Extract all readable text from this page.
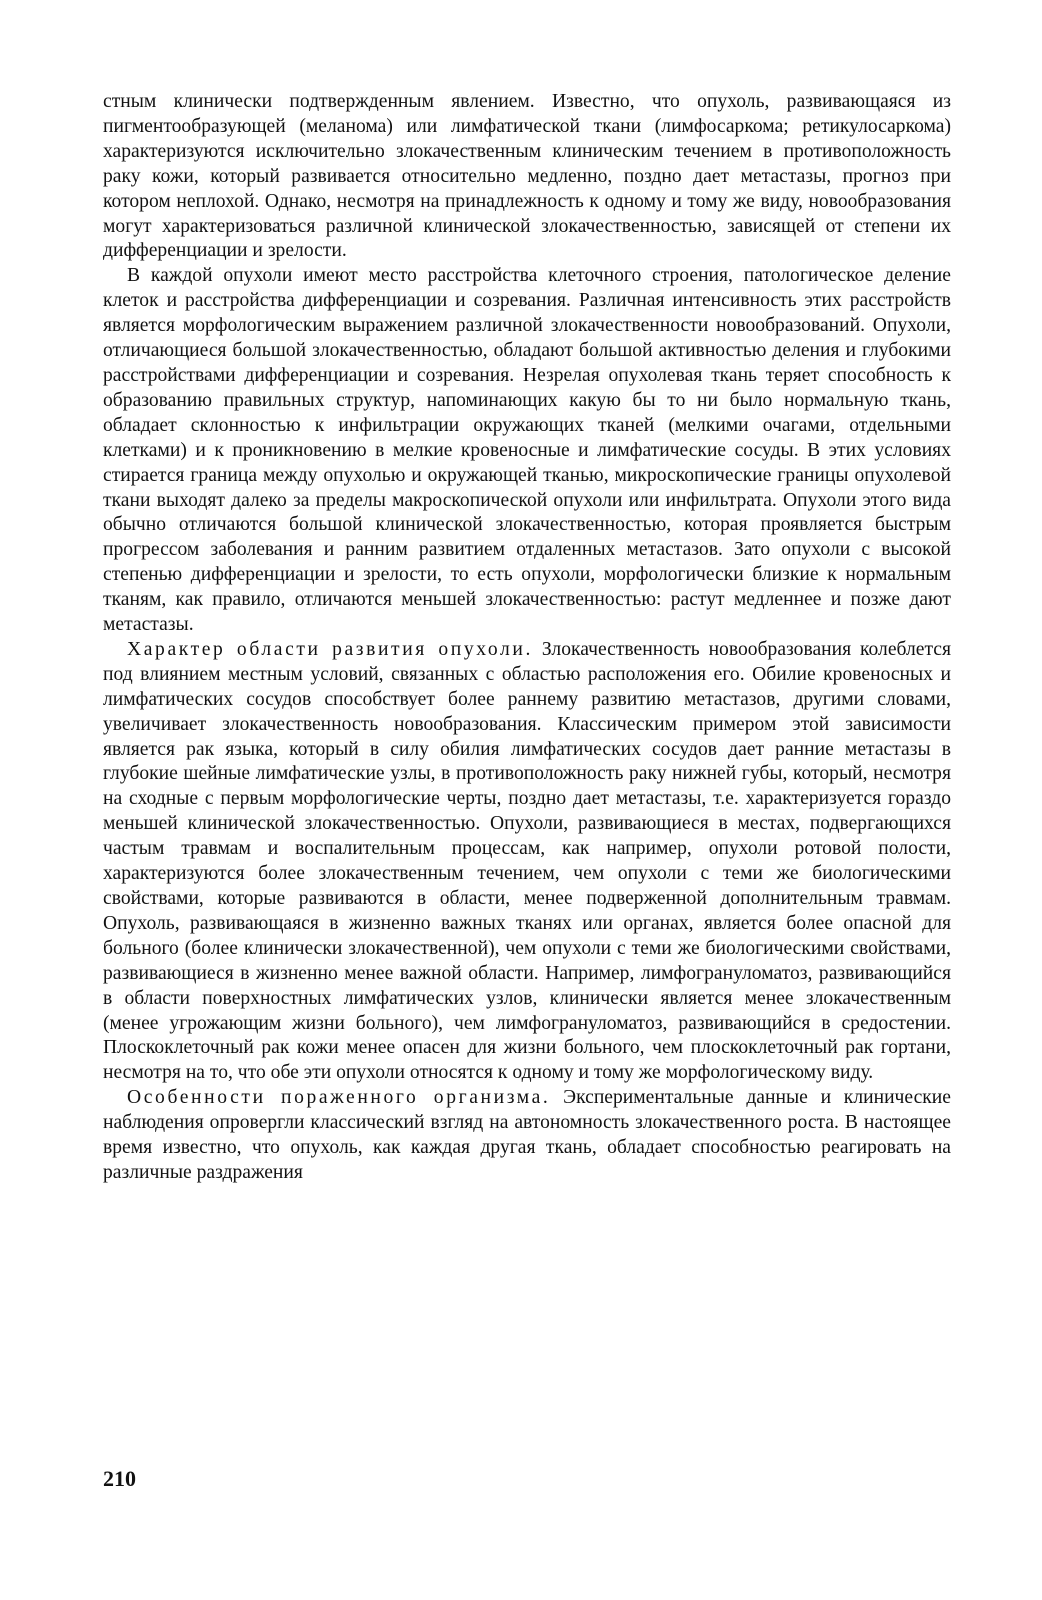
стным клинически подтвержденным явлением. Известно, что опухоль, развивающаяся из пигментообразующей (меланома) или лимфатической ткани (лимфосаркома; ретикулосаркома) характеризуются исключительно злокачественным клиническим течением в противоположность раку кожи, который развивается относительно медленно, поздно дает метастазы, прогноз при котором неплохой. Однако, несмотря на принадлежность к одному и тому же виду, новообразования могут характеризоваться различной клинической злокачественностью, зависящей от степени их дифференциации и зрелости.

В каждой опухоли имеют место расстройства клеточного строения, патологическое деление клеток и расстройства дифференциации и созревания. Различная интенсивность этих расстройств является морфологическим выражением различной злокачественности новообразований. Опухоли, отличающиеся большой злокачественностью, обладают большой активностью деления и глубокими расстройствами дифференциации и созревания. Незрелая опухолевая ткань теряет способность к образованию правильных структур, напоминающих какую бы то ни было нормальную ткань, обладает склонностью к инфильтрации окружающих тканей (мелкими очагами, отдельными клетками) и к проникновению в мелкие кровеносные и лимфатические сосуды. В этих условиях стирается граница между опухолью и окружающей тканью, микроскопические границы опухолевой ткани выходят далеко за пределы макроскопической опухоли или инфильтрата. Опухоли этого вида обычно отличаются большой клинической злокачественностью, которая проявляется быстрым прогрессом заболевания и ранним развитием отдаленных метастазов. Зато опухоли с высокой степенью дифференциации и зрелости, то есть опухоли, морфологически близкие к нормальным тканям, как правило, отличаются меньшей злокачественностью: растут медленнее и позже дают метастазы.

Характер области развития опухоли. Злокачественность новообразования колеблется под влиянием местным условий, связанных с областью расположения его. Обилие кровеносных и лимфатических сосудов способствует более раннему развитию метастазов, другими словами, увеличивает злокачественность новообразования. Классическим примером этой зависимости является рак языка, который в силу обилия лимфатических сосудов дает ранние метастазы в глубокие шейные лимфатические узлы, в противоположность раку нижней губы, который, несмотря на сходные с первым морфологические черты, поздно дает метастазы, т.е. характеризуется гораздо меньшей клинической злокачественностью. Опухоли, развивающиеся в местах, подвергающихся частым травмам и воспалительным процессам, как например, опухоли ротовой полости, характеризуются более злокачественным течением, чем опухоли с теми же биологическими свойствами, которые развиваются в области, менее подверженной дополнительным травмам. Опухоль, развивающаяся в жизненно важных тканях или органах, является более опасной для больного (более клинически злокачественной), чем опухоли с теми же биологическими свойствами, развивающиеся в жизненно менее важной области. Например, лимфогрануломатоз, развивающийся в области поверхностных лимфатических узлов, клинически является менее злокачественным (менее угрожающим жизни больного), чем лимфогрануломатоз, развивающийся в средостении. Плоскоклеточный рак кожи менее опасен для жизни больного, чем плоскоклеточный рак гортани, несмотря на то, что обе эти опухоли относятся к одному и тому же морфологическому виду.

Особенности пораженного организма. Экспериментальные данные и клинические наблюдения опровергли классический взгляд на автономность злокачественного роста. В настоящее время известно, что опухоль, как каждая другая ткань, обладает способностью реагировать на различные раздражения

210
